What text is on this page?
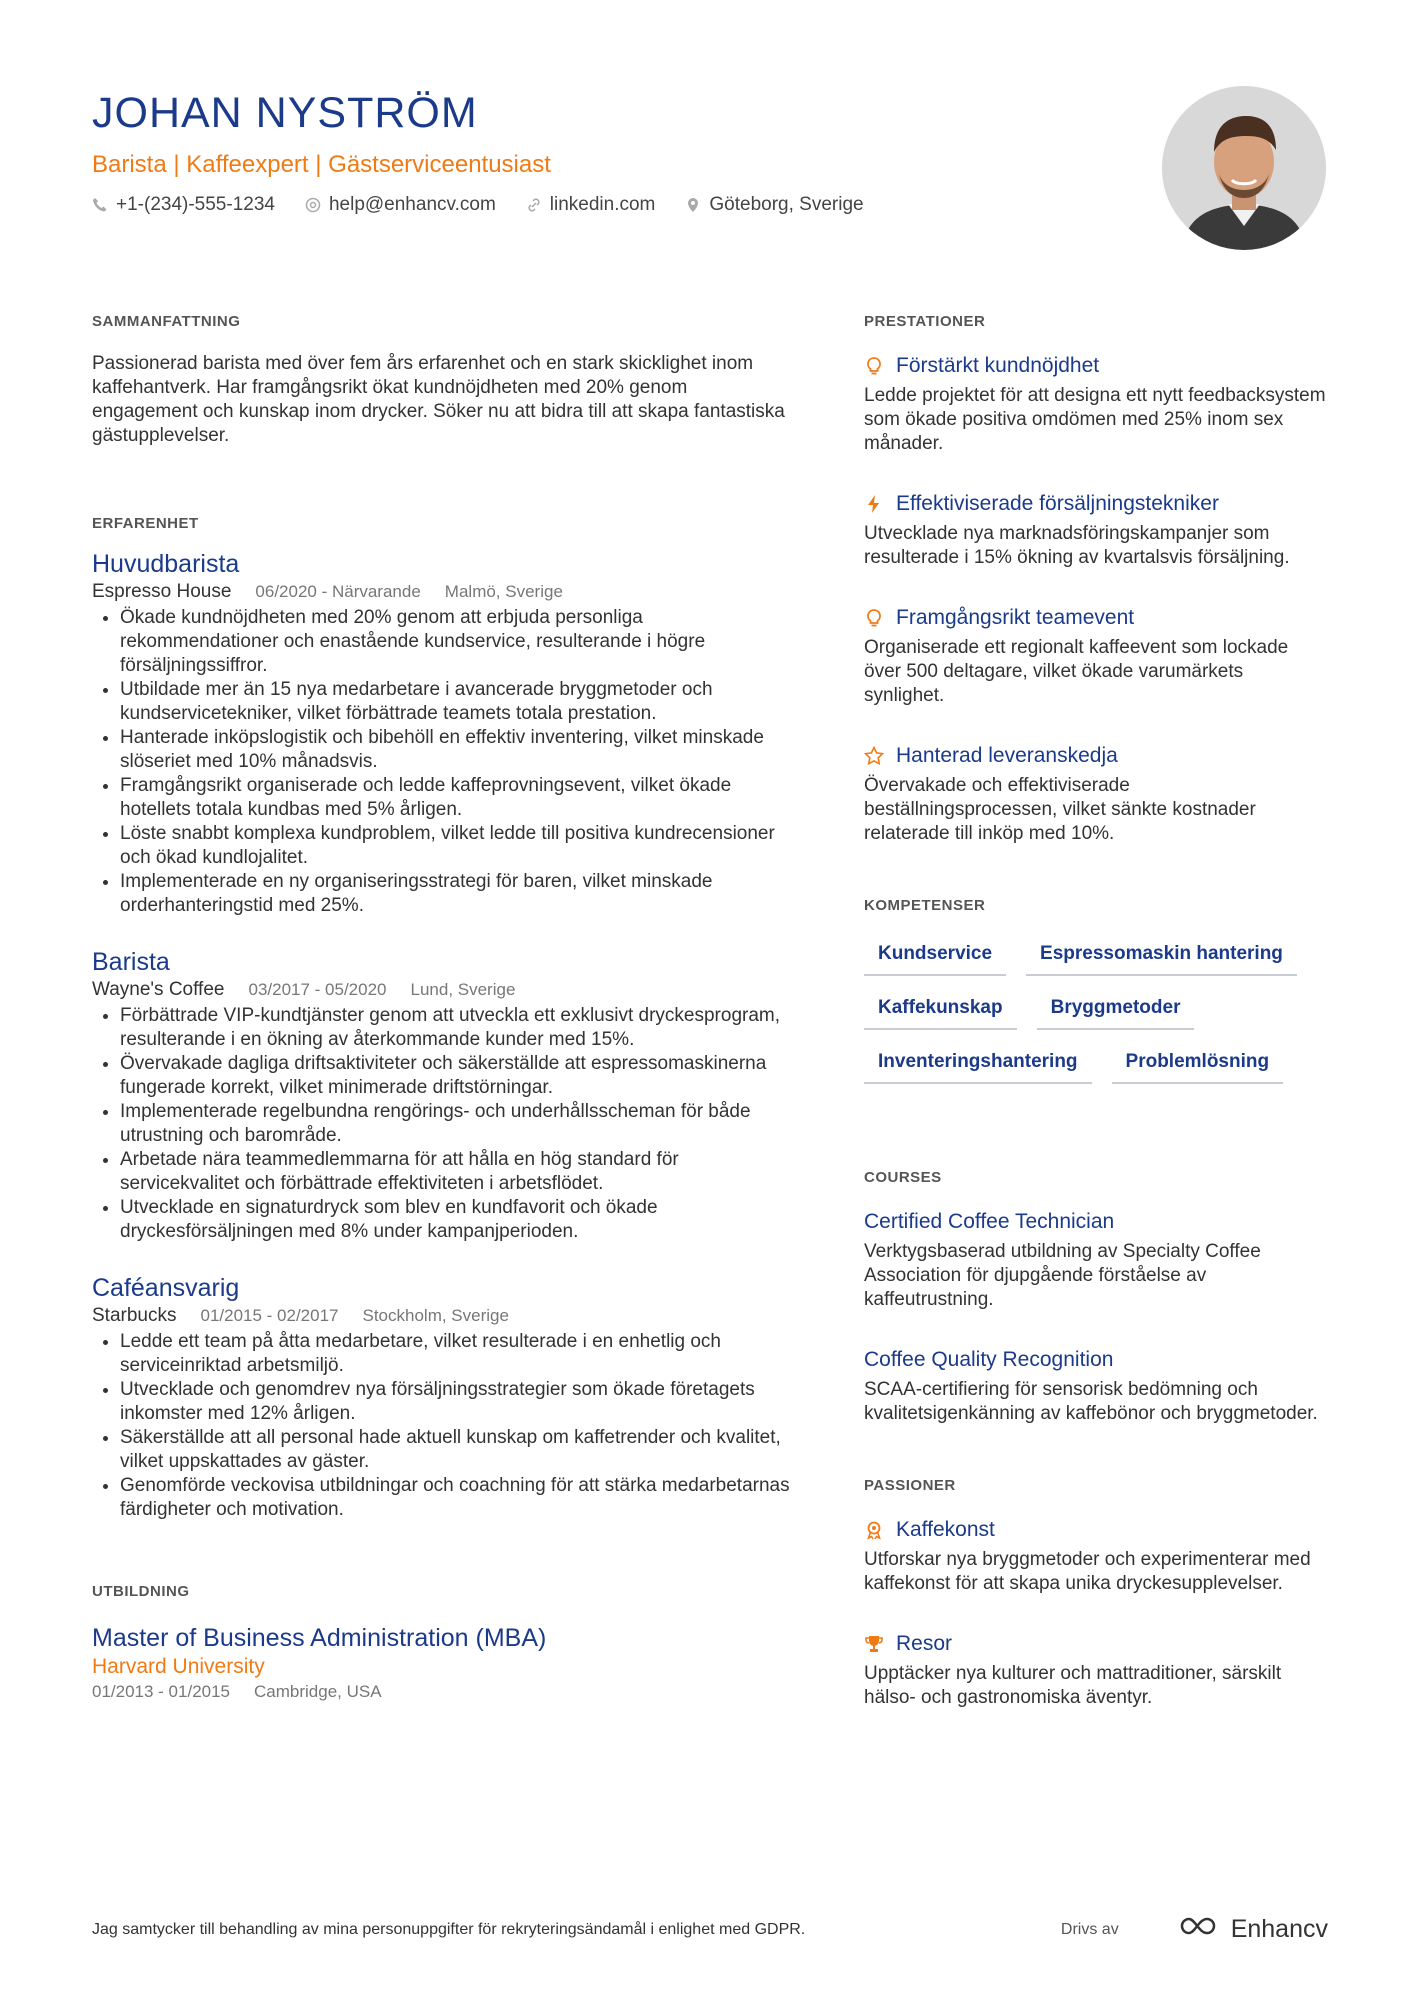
JOHAN NYSTRÖM
Barista | Kaffeexpert | Gästserviceentusiast
+1-(234)-555-1234	help@enhancv.com	linkedin.com	Göteborg, Sverige
SAMMANFATTNING

Passionerad barista med över fem års erfarenhet och en stark skicklighet inom kaffehantverk. Har framgångsrikt ökat kundnöjdheten med 20% genom engagement och kunskap inom drycker. Söker nu att bidra till att skapa fantastiska gästupplevelser.

ERFARENHET
Huvudbarista
Espresso House 06/2020 - Närvarande Malmö, Sverige
• Ökade kundnöjdheten med 20% genom att erbjuda personliga rekommendationer och enastående kundservice, resulterande i högre försäljningssiffror.
• Utbildade mer än 15 nya medarbetare i avancerade bryggmetoder och kundservicetekniker, vilket förbättrade teamets totala prestation.
• Hanterade inköpslogistik och bibehöll en effektiv inventering, vilket minskade slöseriet med 10% månadsvis.
• Framgångsrikt organiserade och ledde kaffeprovningsevent, vilket ökade hotellets totala kundbas med 5% årligen.
• Löste snabbt komplexa kundproblem, vilket ledde till positiva kundrecensioner och ökad kundlojalitet.
• Implementerade en ny organiseringsstrategi för baren, vilket minskade orderhanteringstid med 25%.
Barista
Wayne's Coffee 03/2017 - 05/2020 Lund, Sverige
• Förbättrade VIP-kundtjänster genom att utveckla ett exklusivt dryckesprogram, resulterande i en ökning av återkommande kunder med 15%.
• Övervakade dagliga driftsaktiviteter och säkerställde att espressomaskinerna fungerade korrekt, vilket minimerade driftstörningar.
• Implementerade regelbundna rengörings- och underhållsscheman för både utrustning och barområde.
• Arbetade nära teammedlemmarna för att hålla en hög standard för servicekvalitet och förbättrade effektiviteten i arbetsflödet.
• Utvecklade en signaturdryck som blev en kundfavorit och ökade dryckesförsäljningen med 8% under kampanjperioden.
Caféansvarig
Starbucks 01/2015 - 02/2017 Stockholm, Sverige
• Ledde ett team på åtta medarbetare, vilket resulterade i en enhetlig och serviceinriktad arbetsmiljö.
• Utvecklade och genomdrev nya försäljningsstrategier som ökade företagets inkomster med 12% årligen.
• Säkerställde att all personal hade aktuell kunskap om kaffetrender och kvalitet, vilket uppskattades av gäster.
• Genomförde veckovisa utbildningar och coachning för att stärka medarbetarnas färdigheter och motivation.
UTBILDNING
Master of Business Administration (MBA)
Harvard University
01/2013 - 01/2015 Cambridge, USA
PRESTATIONER
Förstärkt kundnöjdhet
Ledde projektet för att designa ett nytt feedbacksystem som ökade positiva omdömen med 25% inom sex månader.
Effektiviserade försäljningstekniker
Utvecklade nya marknadsföringskampanjer som resulterade i 15% ökning av kvartalsvis försäljning.
Framgångsrikt teamevent
Organiserade ett regionalt kaffeevent som lockade över 500 deltagare, vilket ökade varumärkets synlighet.
Hanterad leveranskedja
Övervakade och effektiviserade beställningsprocessen, vilket sänkte kostnader relaterade till inköp med 10%.
KOMPETENSER
Kundservice	Espressomaskin hantering
Kaffekunskap	Bryggmetoder
Inventeringshantering	Problemlösning
COURSES
Certified Coffee Technician
Verktygsbaserad utbildning av Specialty Coffee Association för djupgående förståelse av kaffeutrustning.
Coffee Quality Recognition
SCAA-certifiering för sensorisk bedömning och kvalitetsigenkänning av kaffebönor och bryggmetoder.
PASSIONER
Kaffekonst
Utforskar nya bryggmetoder och experimenterar med kaffekonst för att skapa unika dryckesupplevelser.
Resor
Upptäcker nya kulturer och mattraditioner, särskilt hälso- och gastronomiska äventyr.
Jag samtycker till behandling av mina personuppgifter för rekryteringsändamål i enlighet med GDPR.	Drivs av	Enhancv
